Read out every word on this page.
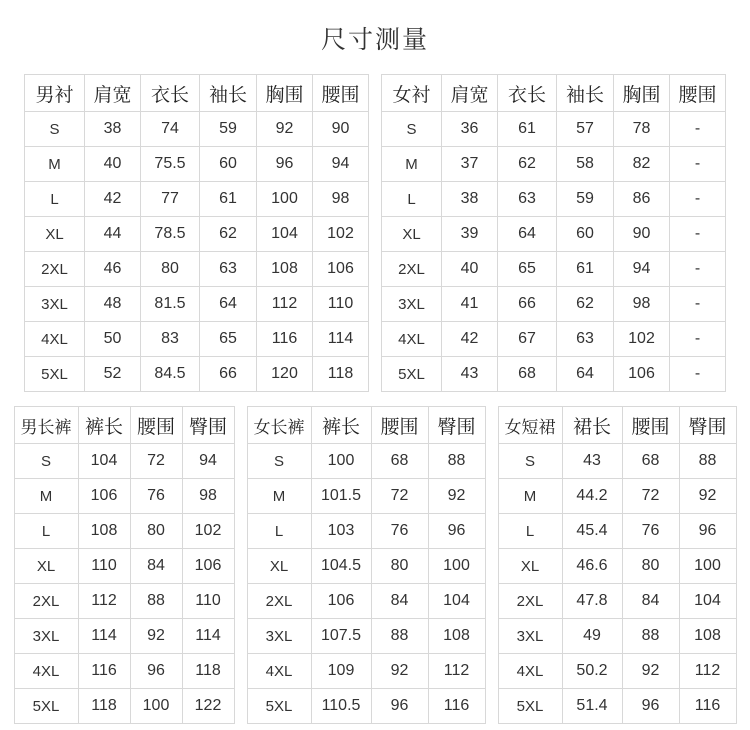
尺寸测量
男衬	肩宽	衣长	袖长	胸围	腰围
S	38	74	59	92	90
M	40	75.5	60	96	94
L	42	77	61	100	98
XL	44	78.5	62	104	102
2XL	46	80	63	108	106
3XL	48	81.5	64	112	110
4XL	50	83	65	116	114
5XL	52	84.5	66	120	118
女衬	肩宽	衣长	袖长	胸围	腰围
S	36	61	57	78	-
M	37	62	58	82	-
L	38	63	59	86	-
XL	39	64	60	90	-
2XL	40	65	61	94	-
3XL	41	66	62	98	-
4XL	42	67	63	102	-
5XL	43	68	64	106	-
男长裤	裤长	腰围	臀围
S	104	72	94
M	106	76	98
L	108	80	102
XL	110	84	106
2XL	112	88	110
3XL	114	92	114
4XL	116	96	118
5XL	118	100	122
女长裤	裤长	腰围	臀围
S	100	68	88
M	101.5	72	92
L	103	76	96
XL	104.5	80	100
2XL	106	84	104
3XL	107.5	88	108
4XL	109	92	112
5XL	110.5	96	116
女短裙	裙长	腰围	臀围
S	43	68	88
M	44.2	72	92
L	45.4	76	96
XL	46.6	80	100
2XL	47.8	84	104
3XL	49	88	108
4XL	50.2	92	112
5XL	51.4	96	116
